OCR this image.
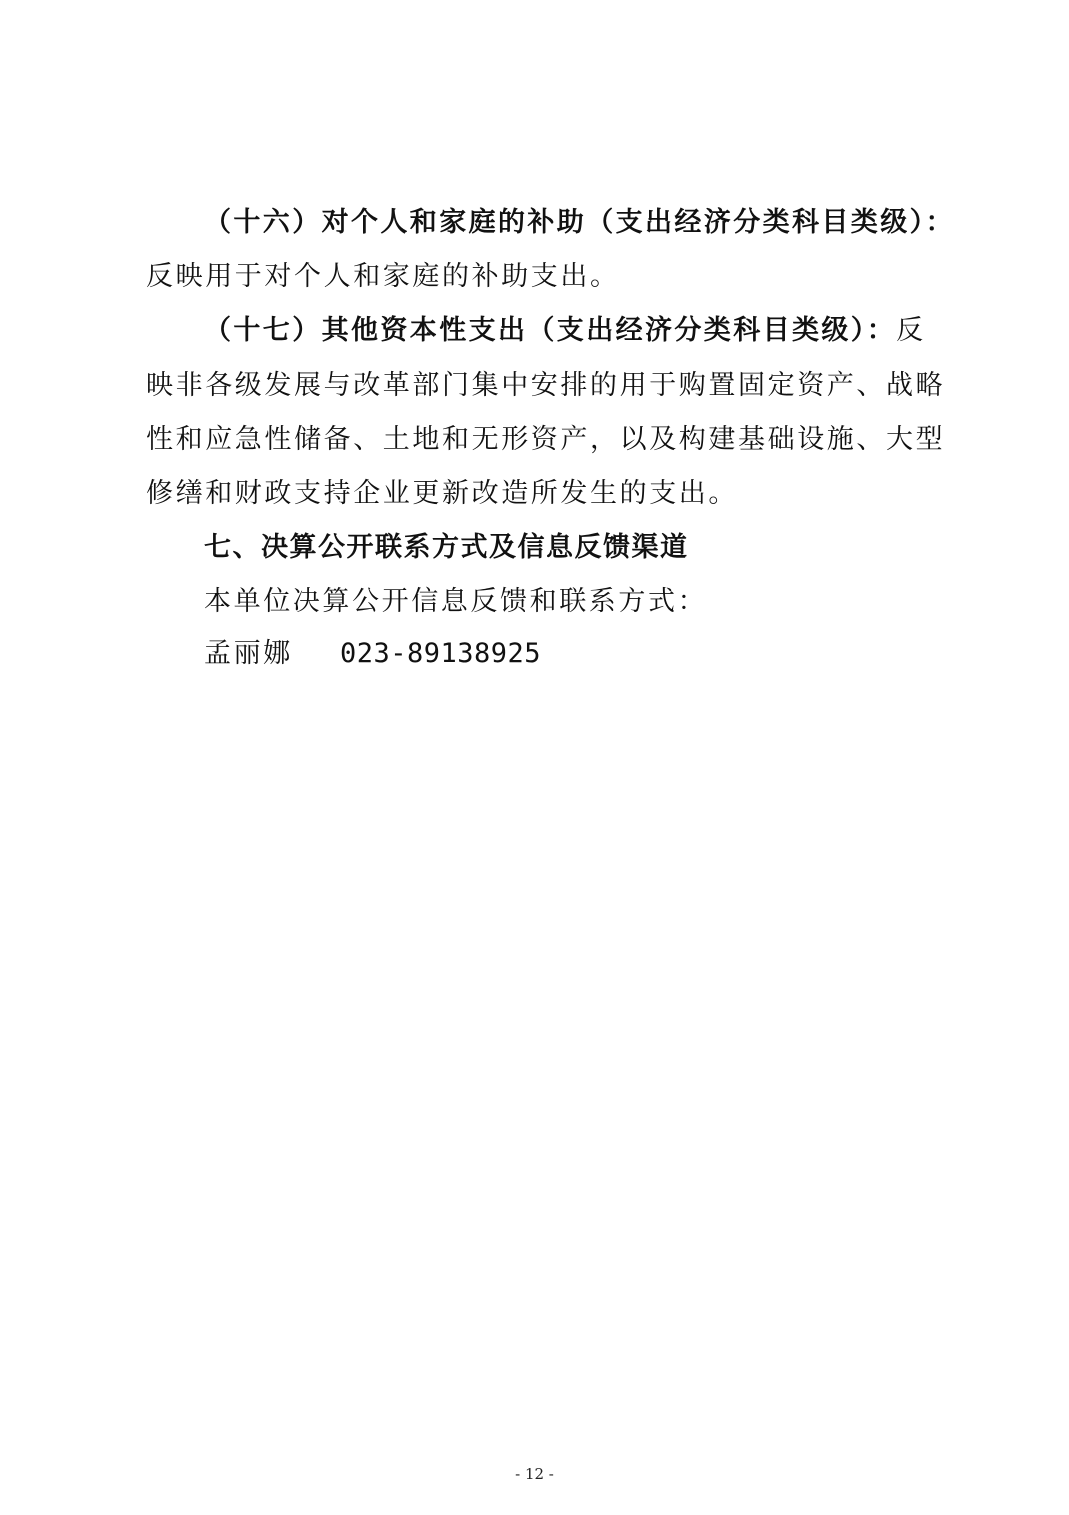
（十六）对个人和家庭的补助（支出经济分类科目类级）：
反映用于对个人和家庭的补助支出。
（十七）其他资本性支出（支出经济分类科目类级）：反
映非各级发展与改革部门集中安排的用于购置固定资产、战略
性和应急性储备、土地和无形资产，以及构建基础设施、大型
修缮和财政支持企业更新改造所发生的支出。
七、决算公开联系方式及信息反馈渠道
本单位决算公开信息反馈和联系方式：
孟丽娜 023-89138925
- 12 -
